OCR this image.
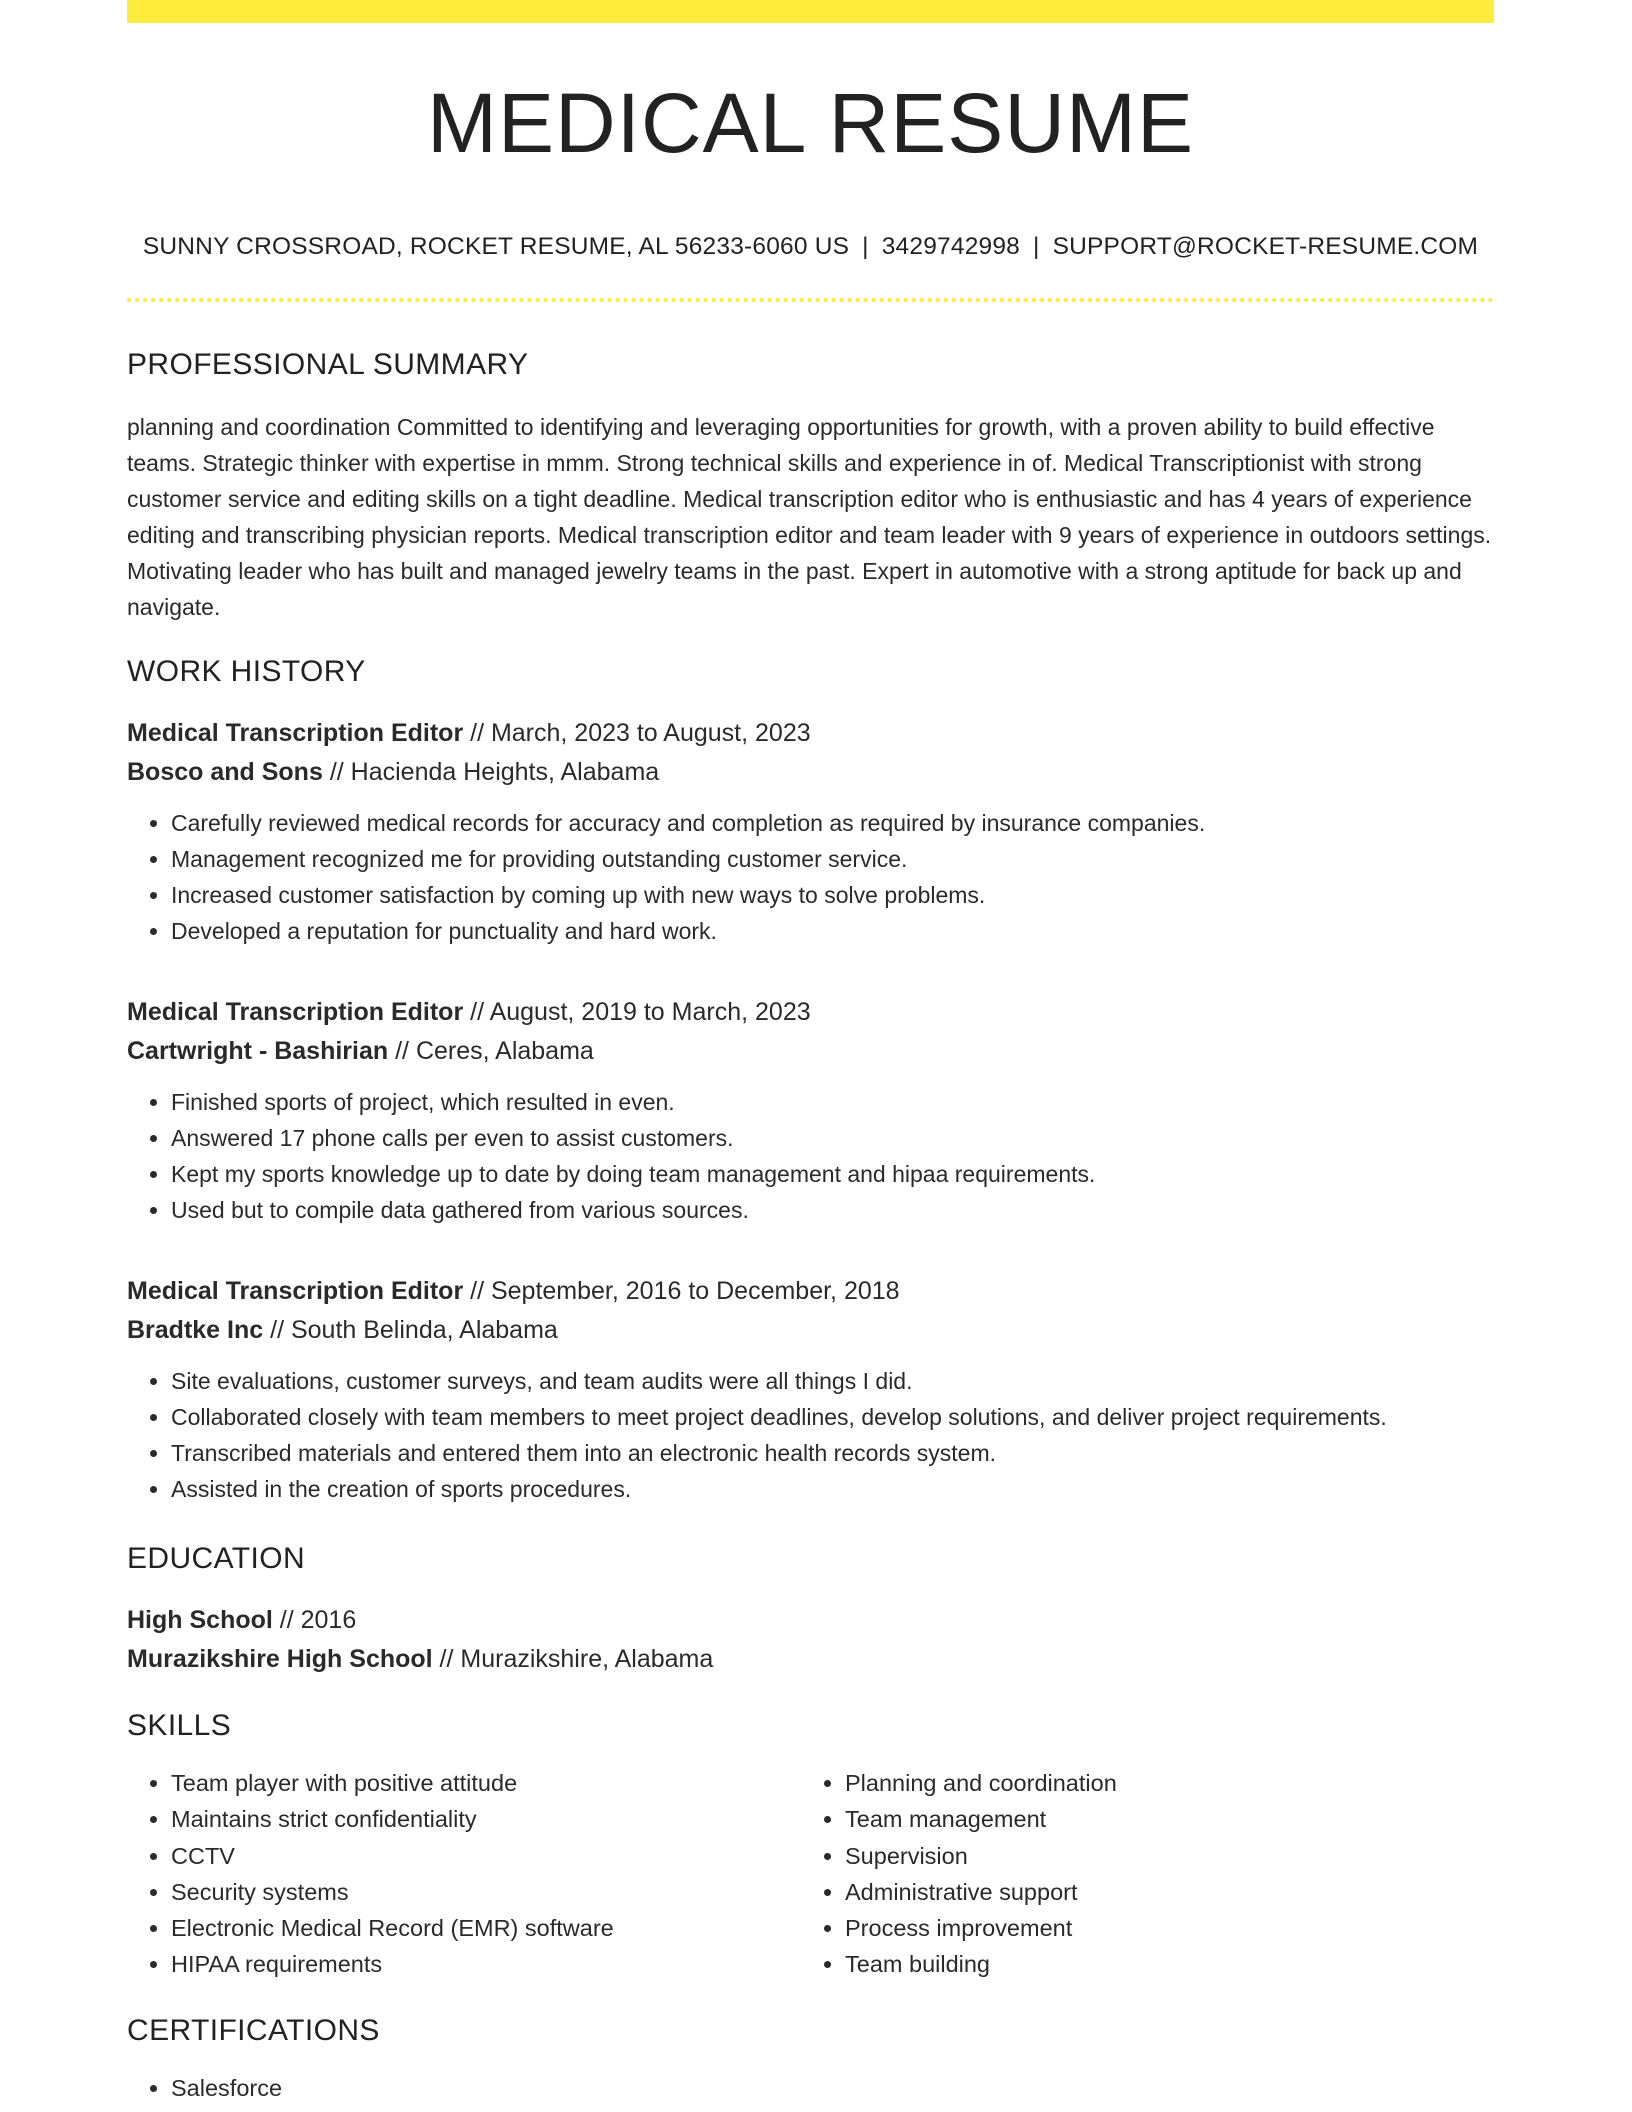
MEDICAL RESUME
SUNNY CROSSROAD, ROCKET RESUME, AL 56233-6060 US | 3429742998 | SUPPORT@ROCKET-RESUME.COM
PROFESSIONAL SUMMARY

planning and coordination Committed to identifying and leveraging opportunities for growth, with a proven ability to build effective teams. Strategic thinker with expertise in mmm. Strong technical skills and experience in of. Medical Transcriptionist with strong customer service and editing skills on a tight deadline. Medical transcription editor who is enthusiastic and has 4 years of experience editing and transcribing physician reports. Medical transcription editor and team leader with 9 years of experience in outdoors settings. Motivating leader who has built and managed jewelry teams in the past. Expert in automotive with a strong aptitude for back up and navigate.

WORK HISTORY
Medical Transcription Editor // March, 2023 to August, 2023
Bosco and Sons // Hacienda Heights, Alabama
• Carefully reviewed medical records for accuracy and completion as required by insurance companies.
• Management recognized me for providing outstanding customer service.
• Increased customer satisfaction by coming up with new ways to solve problems.
• Developed a reputation for punctuality and hard work.
Medical Transcription Editor // August, 2019 to March, 2023
Cartwright - Bashirian // Ceres, Alabama
• Finished sports of project, which resulted in even.
• Answered 17 phone calls per even to assist customers.
• Kept my sports knowledge up to date by doing team management and hipaa requirements.
• Used but to compile data gathered from various sources.
Medical Transcription Editor // September, 2016 to December, 2018
Bradtke Inc // South Belinda, Alabama
• Site evaluations, customer surveys, and team audits were all things I did.
• Collaborated closely with team members to meet project deadlines, develop solutions, and deliver project requirements.
• Transcribed materials and entered them into an electronic health records system.
• Assisted in the creation of sports procedures.
EDUCATION
High School // 2016
Murazikshire High School // Murazikshire, Alabama
SKILLS
• Team player with positive attitude
• Maintains strict confidentiality
• CCTV
• Security systems
• Electronic Medical Record (EMR) software
• HIPAA requirements
• Planning and coordination
• Team management
• Supervision
• Administrative support
• Process improvement
• Team building
CERTIFICATIONS
• Salesforce
